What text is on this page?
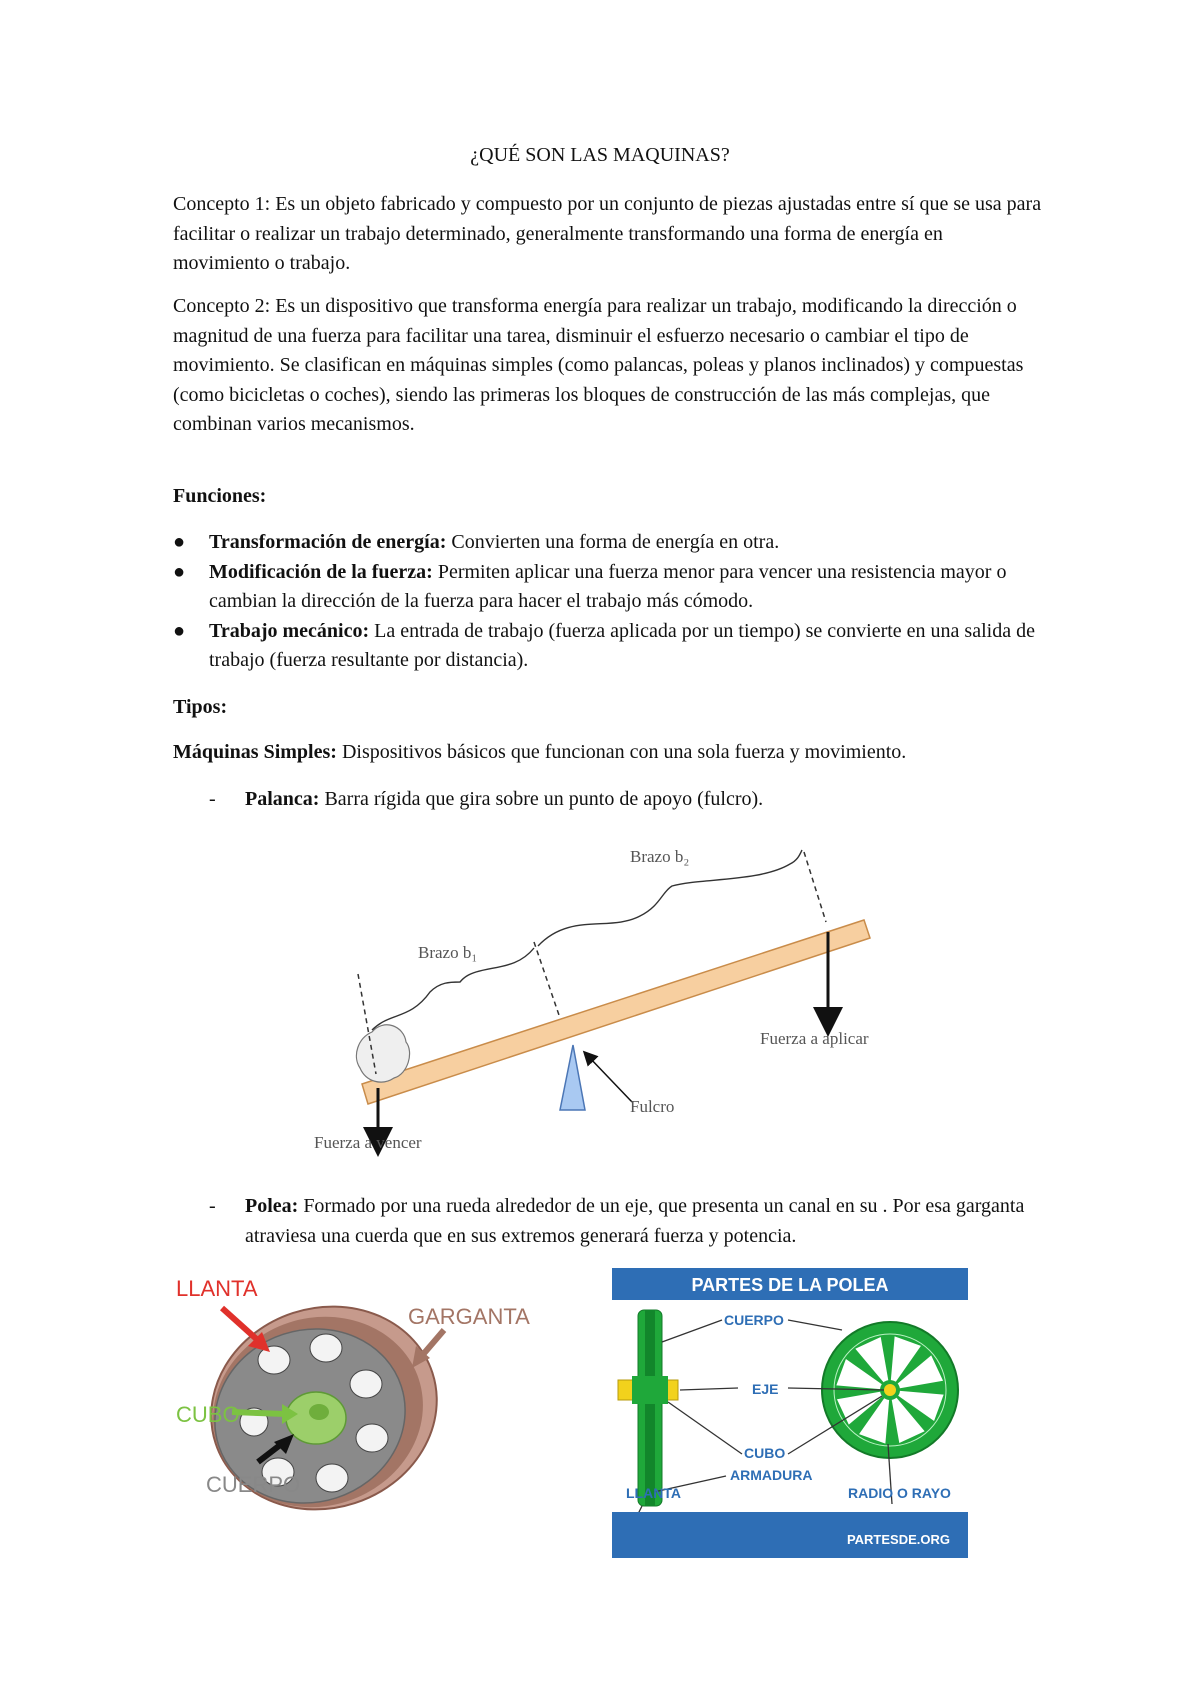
¿QUÉ SON LAS MAQUINAS?

Concepto 1: Es un objeto fabricado y compuesto por un conjunto de piezas ajustadas entre sí que se usa para facilitar o realizar un trabajo determinado, generalmente transformando una forma de energía en movimiento o trabajo.

Concepto 2: Es un dispositivo que transforma energía para realizar un trabajo, modificando la dirección o magnitud de una fuerza para facilitar una tarea, disminuir el esfuerzo necesario o cambiar el tipo de movimiento. Se clasifican en máquinas simples (como palancas, poleas y planos inclinados) y compuestas (como bicicletas o coches), siendo las primeras los bloques de construcción de las más complejas, que combinan varios mecanismos.

Funciones:

● Transformación de energía: Convierten una forma de energía en otra.
● Modificación de la fuerza: Permiten aplicar una fuerza menor para vencer una resistencia mayor o cambian la dirección de la fuerza para hacer el trabajo más cómodo.
● Trabajo mecánico: La entrada de trabajo (fuerza aplicada por un tiempo) se convierte en una salida de trabajo (fuerza resultante por distancia).

Tipos:

Máquinas Simples: Dispositivos básicos que funcionan con una sola fuerza y movimiento.

-	Palanca: Barra rígida que gira sobre un punto de apoyo (fulcro).
Brazo b₂
Brazo b₁
Fuerza a aplicar
Fulcro
Fuerza a vencer
-	Polea: Formado por una rueda alrededor de un eje, que presenta un canal en su . Por esa garganta atraviesa una cuerda que en sus extremos generará fuerza y potencia.
LLANTA
GARGANTA
CUBO
CUERPO
PARTES DE LA POLEA
CUERPO
EJE
CUBO
ARMADURA
LLANTA	RADIO O RAYO
PARTESDE.ORG
